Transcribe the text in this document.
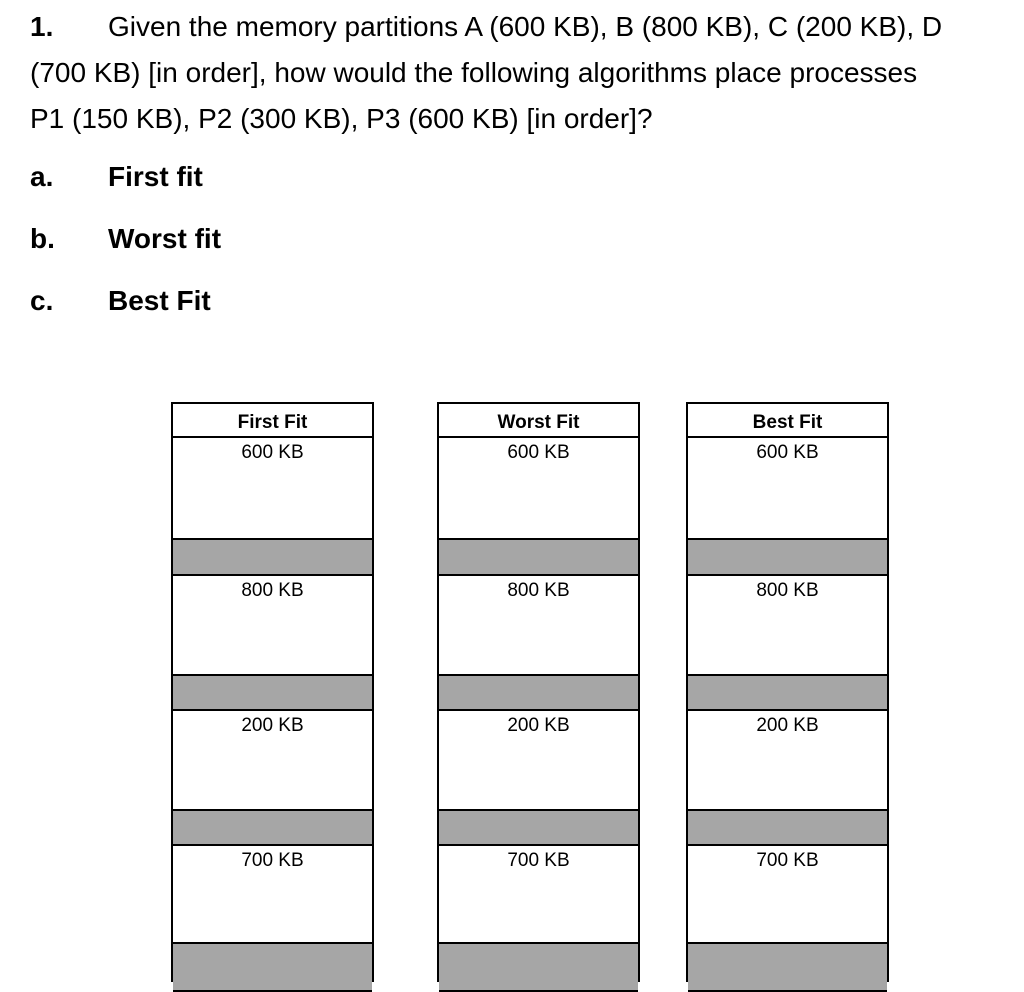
1. Given the memory partitions A (600 KB), B (800 KB), C (200 KB), D
(700 KB) [in order], how would the following algorithms place processes
P1 (150 KB), P2 (300 KB), P3 (600 KB) [in order]?
a. First fit
b. Worst fit
c. Best Fit
First Fit
600 KB
800 KB
200 KB
700 KB
Worst Fit
600 KB
800 KB
200 KB
700 KB
Best Fit
600 KB
800 KB
200 KB
700 KB
